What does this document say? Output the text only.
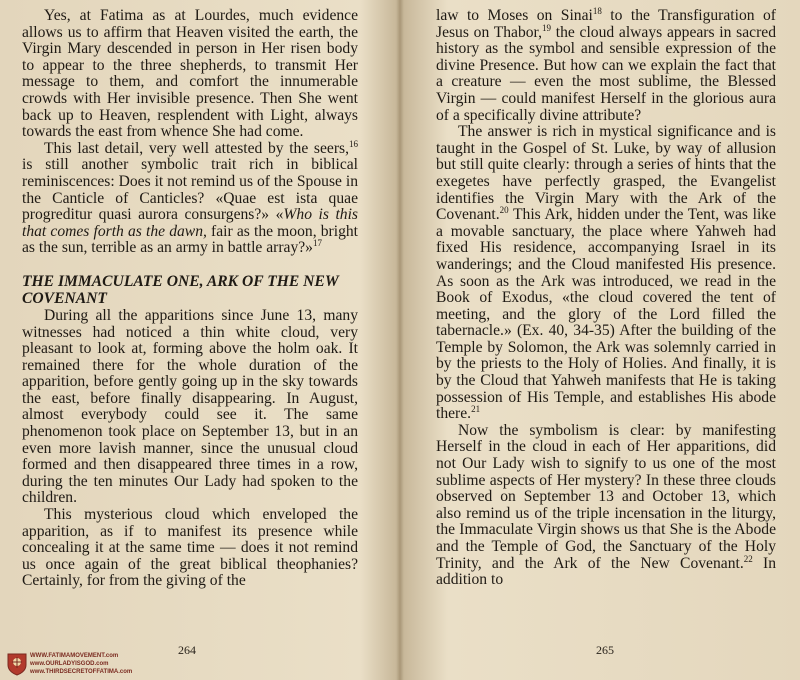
Yes, at Fatima as at Lourdes, much evidence allows us to affirm that Heaven visited the earth, the Virgin Mary descended in person in Her risen body to appear to the three shepherds, to transmit Her message to them, and comfort the innumerable crowds with Her invisible presence. Then She went back up to Heaven, resplendent with Light, always towards the east from whence She had come.

This last detail, very well attested by the seers,$^{16}$ is still another symbolic trait rich in biblical reminiscences: Does it not remind us of the Spouse in the Canticle of Canticles? «Quae est ista quae progreditur quasi aurora consurgens?» «Who is this that comes forth as the dawn, fair as the moon, bright as the sun, terrible as an army in battle array?»$^{17}$

THE IMMACULATE ONE, ARK OF THE NEW COVENANT

During all the apparitions since June 13, many witnesses had noticed a thin white cloud, very pleasant to look at, forming above the holm oak. It remained there for the whole duration of the apparition, before gently going up in the sky towards the east, before finally disappearing. In August, almost everybody could see it. The same phenomenon took place on September 13, but in an even more lavish manner, since the unusual cloud formed and then disappeared three times in a row, during the ten minutes Our Lady had spoken to the children.

This mysterious cloud which enveloped the apparition, as if to manifest its presence while concealing it at the same time — does it not remind us once again of the great biblical theophanies? Certainly, for from the giving of the

264

law to Moses on Sinai$^{18}$ to the Transfiguration of Jesus on Thabor,$^{19}$ the cloud always appears in sacred history as the symbol and sensible expression of the divine Presence. But how can we explain the fact that a creature — even the most sublime, the Blessed Virgin — could manifest Herself in the glorious aura of a specifically divine attribute?

The answer is rich in mystical significance and is taught in the Gospel of St. Luke, by way of allusion but still quite clearly: through a series of hints that the exegetes have perfectly grasped, the Evangelist identifies the Virgin Mary with the Ark of the Covenant.$^{20}$ This Ark, hidden under the Tent, was like a movable sanctuary, the place where Yahweh had fixed His residence, accompanying Israel in its wanderings; and the Cloud manifested His presence. As soon as the Ark was introduced, we read in the Book of Exodus, «the cloud covered the tent of meeting, and the glory of the Lord filled the tabernacle.» (Ex. 40, 34-35) After the building of the Temple by Solomon, the Ark was solemnly carried in by the priests to the Holy of Holies. And finally, it is by the Cloud that Yahweh manifests that He is taking possession of His Temple, and establishes His abode there.$^{21}$

Now the symbolism is clear: by manifesting Herself in the cloud in each of Her apparitions, did not Our Lady wish to signify to us one of the most sublime aspects of Her mystery? In these three clouds observed on September 13 and October 13, which also remind us of the triple incensation in the liturgy, the Immaculate Virgin shows us that She is the Abode and the Temple of God, the Sanctuary of the Holy Trinity, and the Ark of the New Covenant.$^{22}$ In addition to

265
WWW.FATIMAMOVEMENT.com
www.OURLADYISGOD.com
www.THIRDSECRETOFFATIMA.com
